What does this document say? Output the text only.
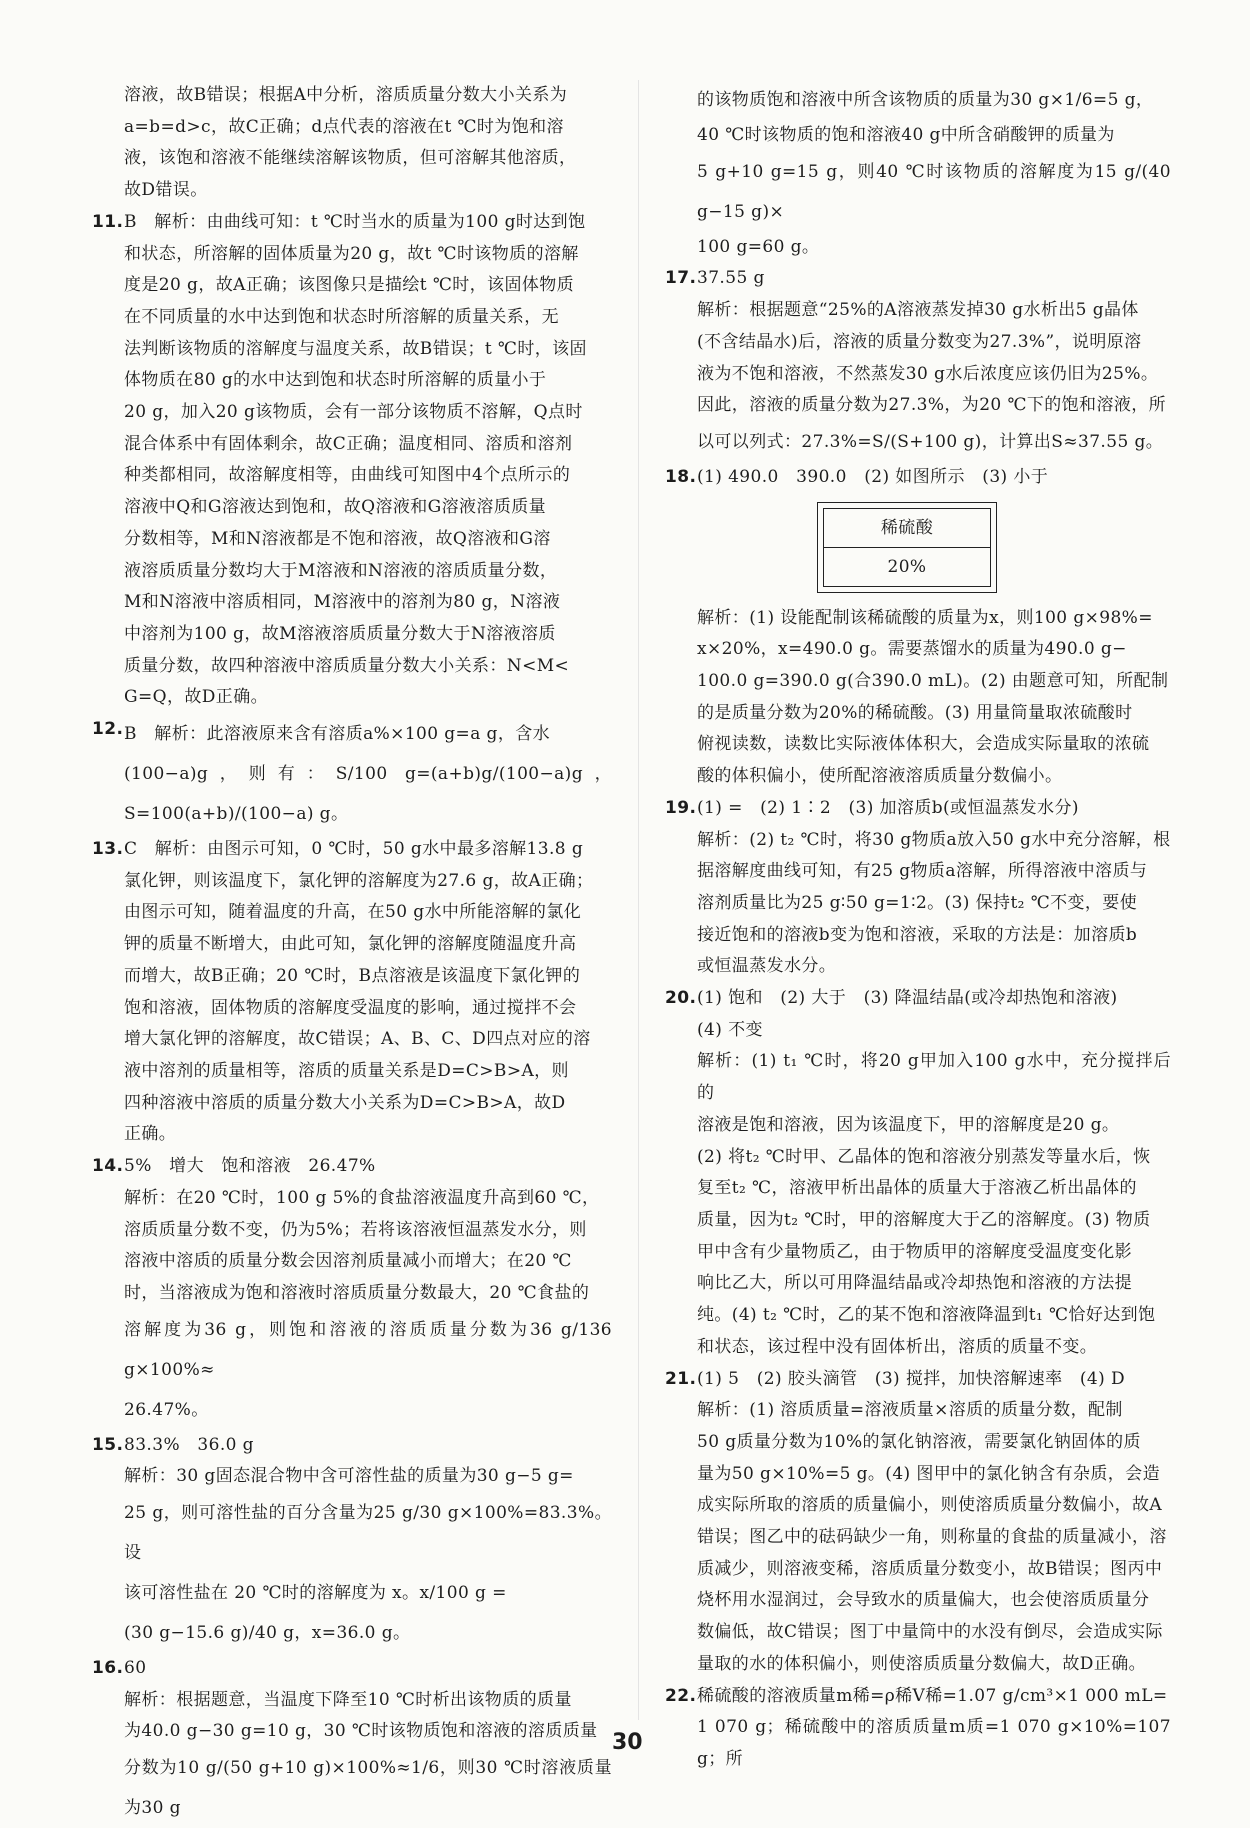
溶液，故B错误；根据A中分析，溶质质量分数大小关系为

a=b=d>c，故C正确；d点代表的溶液在t ℃时为饱和溶

液，该饱和溶液不能继续溶解该物质，但可溶解其他溶质，

故D错误。

11. B　解析：由曲线可知：t ℃时当水的质量为100 g时达到饱

和状态，所溶解的固体质量为20 g，故t ℃时该物质的溶解

度是20 g，故A正确；该图像只是描绘t ℃时，该固体物质

在不同质量的水中达到饱和状态时所溶解的质量关系，无

法判断该物质的溶解度与温度关系，故B错误；t ℃时，该固

体物质在80 g的水中达到饱和状态时所溶解的质量小于

20 g，加入20 g该物质，会有一部分该物质不溶解，Q点时

混合体系中有固体剩余，故C正确；温度相同、溶质和溶剂

种类都相同，故溶解度相等，由曲线可知图中4个点所示的

溶液中Q和G溶液达到饱和，故Q溶液和G溶液溶质质量

分数相等，M和N溶液都是不饱和溶液，故Q溶液和G溶

液溶质质量分数均大于M溶液和N溶液的溶质质量分数，

M和N溶液中溶质相同，M溶液中的溶剂为80 g，N溶液

中溶剂为100 g，故M溶液溶质质量分数大于N溶液溶质

质量分数，故四种溶液中溶质质量分数大小关系：N<M<

G=Q，故D正确。

12. B　解析：此溶液原来含有溶质a%×100 g=a g，含水

(100−a)g，则有：S/100 g=(a+b)g/(100−a)g，S=100(a+b)/(100−a) g。

13. C　解析：由图示可知，0 ℃时，50 g水中最多溶解13.8 g

氯化钾，则该温度下，氯化钾的溶解度为27.6 g，故A正确；

由图示可知，随着温度的升高，在50 g水中所能溶解的氯化

钾的质量不断增大，由此可知，氯化钾的溶解度随温度升高

而增大，故B正确；20 ℃时，B点溶液是该温度下氯化钾的

饱和溶液，固体物质的溶解度受温度的影响，通过搅拌不会

增大氯化钾的溶解度，故C错误；A、B、C、D四点对应的溶

液中溶剂的质量相等，溶质的质量关系是D=C>B>A，则

四种溶液中溶质的质量分数大小关系为D=C>B>A，故D

正确。

14. 5%　增大　饱和溶液　26.47%

解析：在20 ℃时，100 g 5%的食盐溶液温度升高到60 ℃，

溶质质量分数不变，仍为5%；若将该溶液恒温蒸发水分，则

溶液中溶质的质量分数会因溶剂质量减小而增大；在20 ℃

时，当溶液成为饱和溶液时溶质质量分数最大，20 ℃食盐的

溶解度为36 g，则饱和溶液的溶质质量分数为36 g/136 g×100%≈

26.47%。

15. 83.3%　36.0 g

解析：30 g固态混合物中含可溶性盐的质量为30 g−5 g=

25 g，则可溶性盐的百分含量为25 g/30 g×100%=83.3%。设

该可溶性盐在 20 ℃时的溶解度为 x。x/100 g =

(30 g−15.6 g)/40 g，x=36.0 g。

16. 60

解析：根据题意，当温度下降至10 ℃时析出该物质的质量

为40.0 g−30 g=10 g，30 ℃时该物质饱和溶液的溶质质量

分数为10 g/(50 g+10 g)×100%≈1/6，则30 ℃时溶液质量为30 g

的该物质饱和溶液中所含该物质的质量为30 g×1/6=5 g，

40 ℃时该物质的饱和溶液40 g中所含硝酸钾的质量为

5 g+10 g=15 g，则40 ℃时该物质的溶解度为15 g/(40 g−15 g)×

100 g=60 g。

17. 37.55 g

解析：根据题意“25%的A溶液蒸发掉30 g水析出5 g晶体

(不含结晶水)后，溶液的质量分数变为27.3%”，说明原溶

液为不饱和溶液，不然蒸发30 g水后浓度应该仍旧为25%。

因此，溶液的质量分数为27.3%，为20 ℃下的饱和溶液，所

以可以列式：27.3%=S/(S+100 g)，计算出S≈37.55 g。

18. (1) 490.0　390.0　(2) 如图所示　(3) 小于

稀硫酸
20%

解析：(1) 设能配制该稀硫酸的质量为x，则100 g×98%=

x×20%，x=490.0 g。需要蒸馏水的质量为490.0 g−

100.0 g=390.0 g(合390.0 mL)。(2) 由题意可知，所配制

的是质量分数为20%的稀硫酸。(3) 用量筒量取浓硫酸时

俯视读数，读数比实际液体体积大，会造成实际量取的浓硫

酸的体积偏小，使所配溶液溶质质量分数偏小。

19. (1) =　(2) 1∶2　(3) 加溶质b(或恒温蒸发水分)

解析：(2) t₂ ℃时，将30 g物质a放入50 g水中充分溶解，根

据溶解度曲线可知，有25 g物质a溶解，所得溶液中溶质与

溶剂质量比为25 g∶50 g=1∶2。(3) 保持t₂ ℃不变，要使

接近饱和的溶液b变为饱和溶液，采取的方法是：加溶质b

或恒温蒸发水分。

20. (1) 饱和　(2) 大于　(3) 降温结晶(或冷却热饱和溶液)

(4) 不变

解析：(1) t₁ ℃时，将20 g甲加入100 g水中，充分搅拌后的

溶液是饱和溶液，因为该温度下，甲的溶解度是20 g。

(2) 将t₂ ℃时甲、乙晶体的饱和溶液分别蒸发等量水后，恢

复至t₂ ℃，溶液甲析出晶体的质量大于溶液乙析出晶体的

质量，因为t₂ ℃时，甲的溶解度大于乙的溶解度。(3) 物质

甲中含有少量物质乙，由于物质甲的溶解度受温度变化影

响比乙大，所以可用降温结晶或冷却热饱和溶液的方法提

纯。(4) t₂ ℃时，乙的某不饱和溶液降温到t₁ ℃恰好达到饱

和状态，该过程中没有固体析出，溶质的质量不变。

21. (1) 5　(2) 胶头滴管　(3) 搅拌，加快溶解速率　(4) D

解析：(1) 溶质质量=溶液质量×溶质的质量分数，配制

50 g质量分数为10%的氯化钠溶液，需要氯化钠固体的质

量为50 g×10%=5 g。(4) 图甲中的氯化钠含有杂质，会造

成实际所取的溶质的质量偏小，则使溶质质量分数偏小，故A

错误；图乙中的砝码缺少一角，则称量的食盐的质量减小，溶

质减少，则溶液变稀，溶质质量分数变小，故B错误；图丙中

烧杯用水湿润过，会导致水的质量偏大，也会使溶质质量分

数偏低，故C错误；图丁中量筒中的水没有倒尽，会造成实际

量取的水的体积偏小，则使溶质质量分数偏大，故D正确。

22. 稀硫酸的溶液质量m稀=ρ稀V稀=1.07 g/cm³×1 000 mL=

1 070 g；稀硫酸中的溶质质量m质=1 070 g×10%=107 g；所

30
